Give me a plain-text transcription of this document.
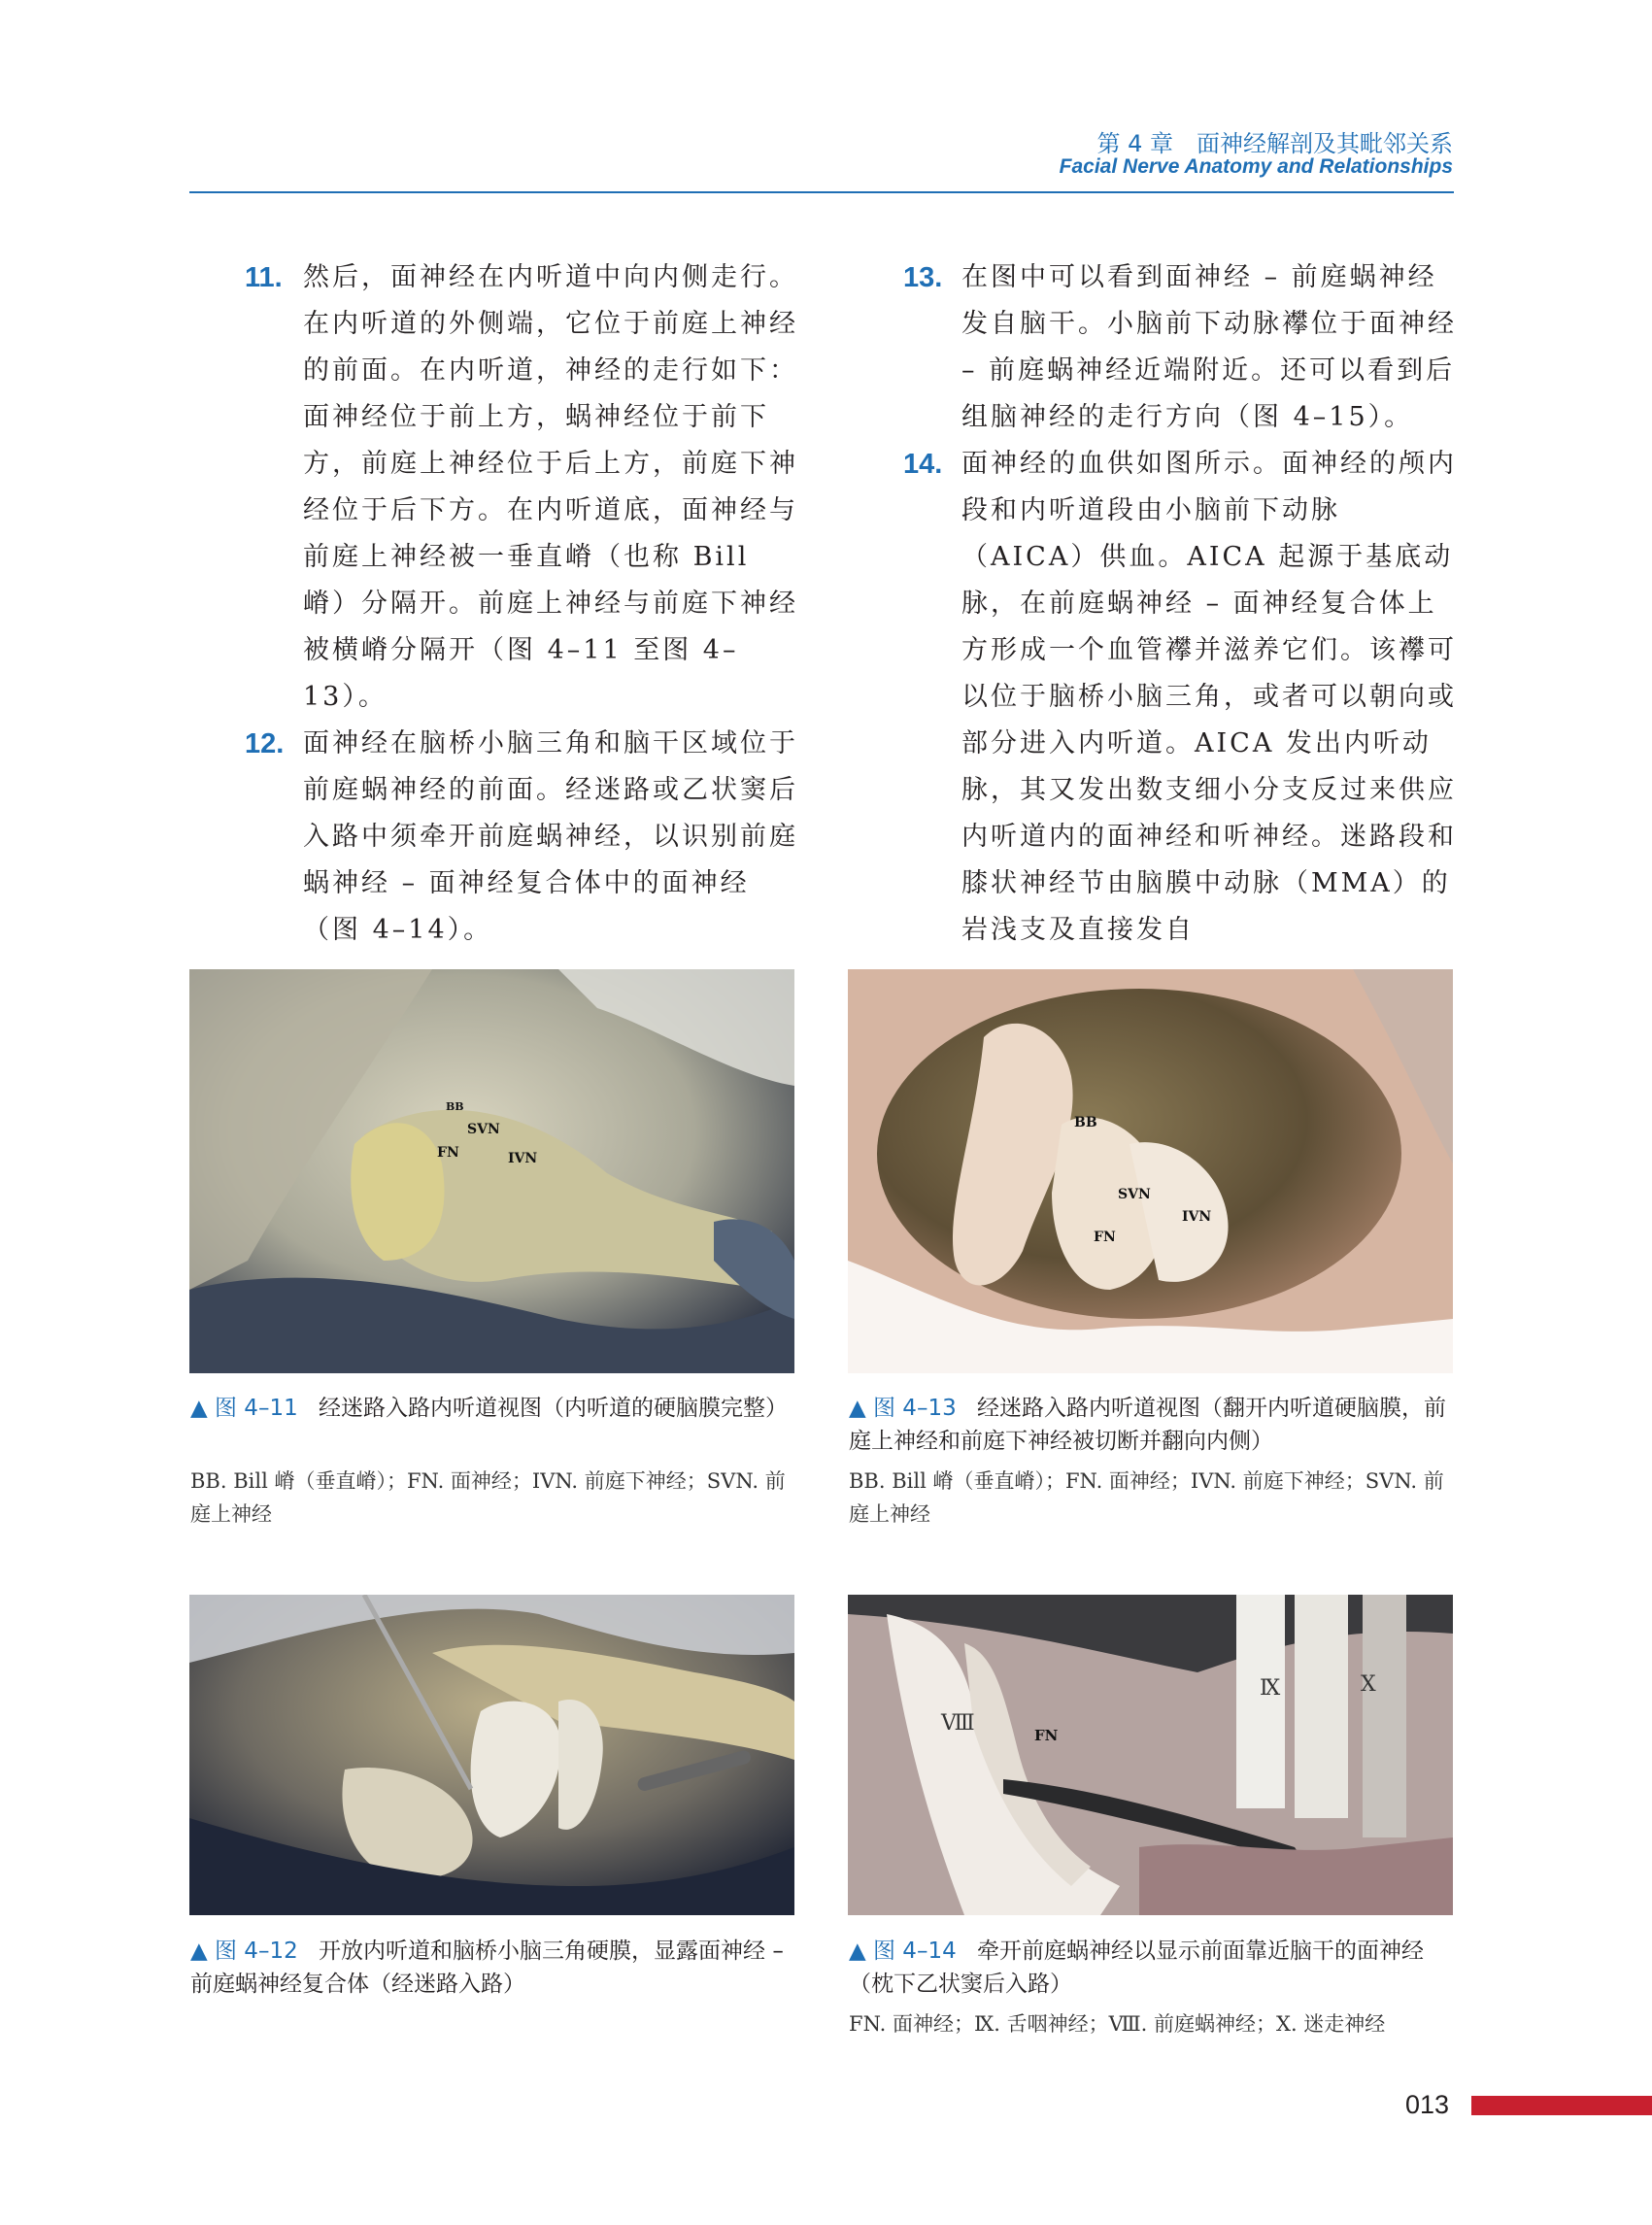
第 4 章　面神经解剖及其毗邻关系
Facial Nerve Anatomy and Relationships
11. 然后，面神经在内听道中向内侧走行。在内听道的外侧端，它位于前庭上神经的前面。在内听道，神经的走行如下：面神经位于前上方，蜗神经位于前下方，前庭上神经位于后上方，前庭下神经位于后下方。在内听道底，面神经与前庭上神经被一垂直嵴（也称 Bill 嵴）分隔开。前庭上神经与前庭下神经被横嵴分隔开（图 4–11 至图 4–13）。
12. 面神经在脑桥小脑三角和脑干区域位于前庭蜗神经的前面。经迷路或乙状窦后入路中须牵开前庭蜗神经，以识别前庭蜗神经 – 面神经复合体中的面神经（图 4–14）。
13. 在图中可以看到面神经 – 前庭蜗神经发自脑干。小脑前下动脉襻位于面神经 – 前庭蜗神经近端附近。还可以看到后组脑神经的走行方向（图 4–15）。
14. 面神经的血供如图所示。面神经的颅内段和内听道段由小脑前下动脉（AICA）供血。AICA 起源于基底动脉，在前庭蜗神经 – 面神经复合体上方形成一个血管襻并滋养它们。该襻可以位于脑桥小脑三角，或者可以朝向或部分进入内听道。AICA 发出内听动脉，其又发出数支细小分支反过来供应内听道内的面神经和听神经。迷路段和膝状神经节由脑膜中动脉（MMA）的岩浅支及直接发自
BB
SVN
FN	IVN
BB
SVN
IVN
FN
▲ 图 4–11 经迷路入路内听道视图（内听道的硬脑膜完整）
BB. Bill 嵴（垂直嵴）；FN. 面神经；IVN. 前庭下神经；SVN. 前庭上神经
▲ 图 4–13 经迷路入路内听道视图（翻开内听道硬脑膜，前庭上神经和前庭下神经被切断并翻向内侧）
BB. Bill 嵴（垂直嵴）；FN. 面神经；IVN. 前庭下神经；SVN. 前庭上神经
Ⅷ	FN
Ⅸ	Ⅹ
▲ 图 4–12 开放内听道和脑桥小脑三角硬膜，显露面神经 – 前庭蜗神经复合体（经迷路入路）
▲ 图 4–14 牵开前庭蜗神经以显示前面靠近脑干的面神经（枕下乙状窦后入路）
FN. 面神经；Ⅸ. 舌咽神经；Ⅷ. 前庭蜗神经；Ⅹ. 迷走神经
013
